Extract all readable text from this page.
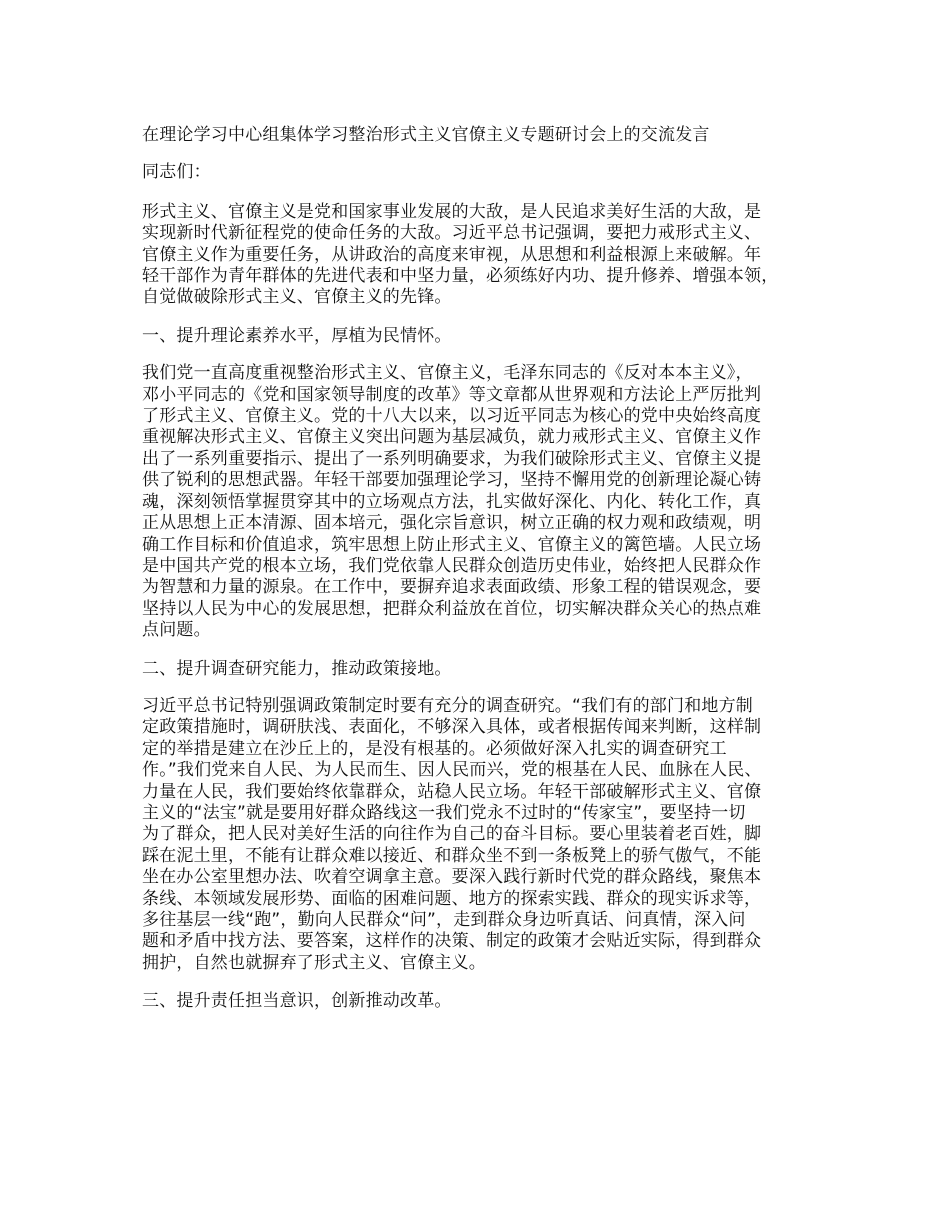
在理论学习中心组集体学习整治形式主义官僚主义专题研讨会上的交流发言

同志们：

形式主义、官僚主义是党和国家事业发展的大敌，是人民追求美好生活的大敌，是

实现新时代新征程党的使命任务的大敌。习近平总书记强调，要把力戒形式主义、

官僚主义作为重要任务，从讲政治的高度来审视，从思想和利益根源上来破解。年

轻干部作为青年群体的先进代表和中坚力量，必须练好内功、提升修养、增强本领，

自觉做破除形式主义、官僚主义的先锋。

一、提升理论素养水平，厚植为民情怀。

我们党一直高度重视整治形式主义、官僚主义，毛泽东同志的《反对本本主义》，

邓小平同志的《党和国家领导制度的改革》等文章都从世界观和方法论上严厉批判

了形式主义、官僚主义。党的十八大以来，以习近平同志为核心的党中央始终高度

重视解决形式主义、官僚主义突出问题为基层减负，就力戒形式主义、官僚主义作

出了一系列重要指示、提出了一系列明确要求，为我们破除形式主义、官僚主义提

供了锐利的思想武器。年轻干部要加强理论学习，坚持不懈用党的创新理论凝心铸

魂，深刻领悟掌握贯穿其中的立场观点方法，扎实做好深化、内化、转化工作，真

正从思想上正本清源、固本培元，强化宗旨意识，树立正确的权力观和政绩观，明

确工作目标和价值追求，筑牢思想上防止形式主义、官僚主义的篱笆墙。人民立场

是中国共产党的根本立场，我们党依靠人民群众创造历史伟业，始终把人民群众作

为智慧和力量的源泉。在工作中，要摒弃追求表面政绩、形象工程的错误观念，要

坚持以人民为中心的发展思想，把群众利益放在首位，切实解决群众关心的热点难

点问题。

二、提升调查研究能力，推动政策接地。

习近平总书记特别强调政策制定时要有充分的调查研究。“我们有的部门和地方制

定政策措施时，调研肤浅、表面化，不够深入具体，或者根据传闻来判断，这样制

定的举措是建立在沙丘上的，是没有根基的。必须做好深入扎实的调查研究工

作。”我们党来自人民、为人民而生、因人民而兴，党的根基在人民、血脉在人民、

力量在人民，我们要始终依靠群众，站稳人民立场。年轻干部破解形式主义、官僚

主义的“法宝”就是要用好群众路线这一我们党永不过时的“传家宝”，要坚持一切

为了群众，把人民对美好生活的向往作为自己的奋斗目标。要心里装着老百姓，脚

踩在泥土里，不能有让群众难以接近、和群众坐不到一条板凳上的骄气傲气，不能

坐在办公室里想办法、吹着空调拿主意。要深入践行新时代党的群众路线，聚焦本

条线、本领域发展形势、面临的困难问题、地方的探索实践、群众的现实诉求等，

多往基层一线“跑”，勤向人民群众“问”，走到群众身边听真话、问真情，深入问

题和矛盾中找方法、要答案，这样作的决策、制定的政策才会贴近实际，得到群众

拥护，自然也就摒弃了形式主义、官僚主义。

三、提升责任担当意识，创新推动改革。
